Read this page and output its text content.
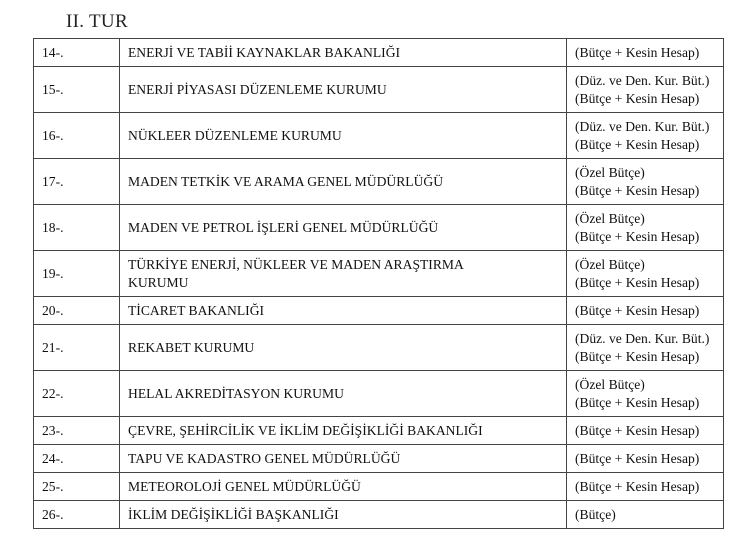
II. TUR
14-.	ENERJİ VE TABİİ KAYNAKLAR BAKANLIĞI	(Bütçe + Kesin Hesap)

15-.	ENERJİ PİYASASI DÜZENLEME KURUMU	(Düz. ve Den. Kur. Büt.)
(Bütçe + Kesin Hesap)

16-.	NÜKLEER DÜZENLEME KURUMU	(Düz. ve Den. Kur. Büt.)
(Bütçe + Kesin Hesap)

17-.	MADEN TETKİK VE ARAMA GENEL MÜDÜRLÜĞÜ	(Özel Bütçe)
(Bütçe + Kesin Hesap)

18-.	MADEN VE PETROL İŞLERİ GENEL MÜDÜRLÜĞÜ	(Özel Bütçe)
(Bütçe + Kesin Hesap)

19-.	TÜRKİYE ENERJİ, NÜKLEER VE MADEN ARAŞTIRMA
KURUMU	(Özel Bütçe)
(Bütçe + Kesin Hesap)

20-.	TİCARET BAKANLIĞI	(Bütçe + Kesin Hesap)

21-.	REKABET KURUMU	(Düz. ve Den. Kur. Büt.)
(Bütçe + Kesin Hesap)

22-.	HELAL AKREDİTASYON KURUMU	(Özel Bütçe)
(Bütçe + Kesin Hesap)

23-.	ÇEVRE, ŞEHİRCİLİK VE İKLİM DEĞİŞİKLİĞİ BAKANLIĞI	(Bütçe + Kesin Hesap)

24-.	TAPU VE KADASTRO GENEL MÜDÜRLÜĞÜ	(Bütçe + Kesin Hesap)

25-.	METEOROLOJİ GENEL MÜDÜRLÜĞÜ	(Bütçe + Kesin Hesap)

26-.	İKLİM DEĞİŞİKLİĞİ BAŞKANLIĞI	(Bütçe)
